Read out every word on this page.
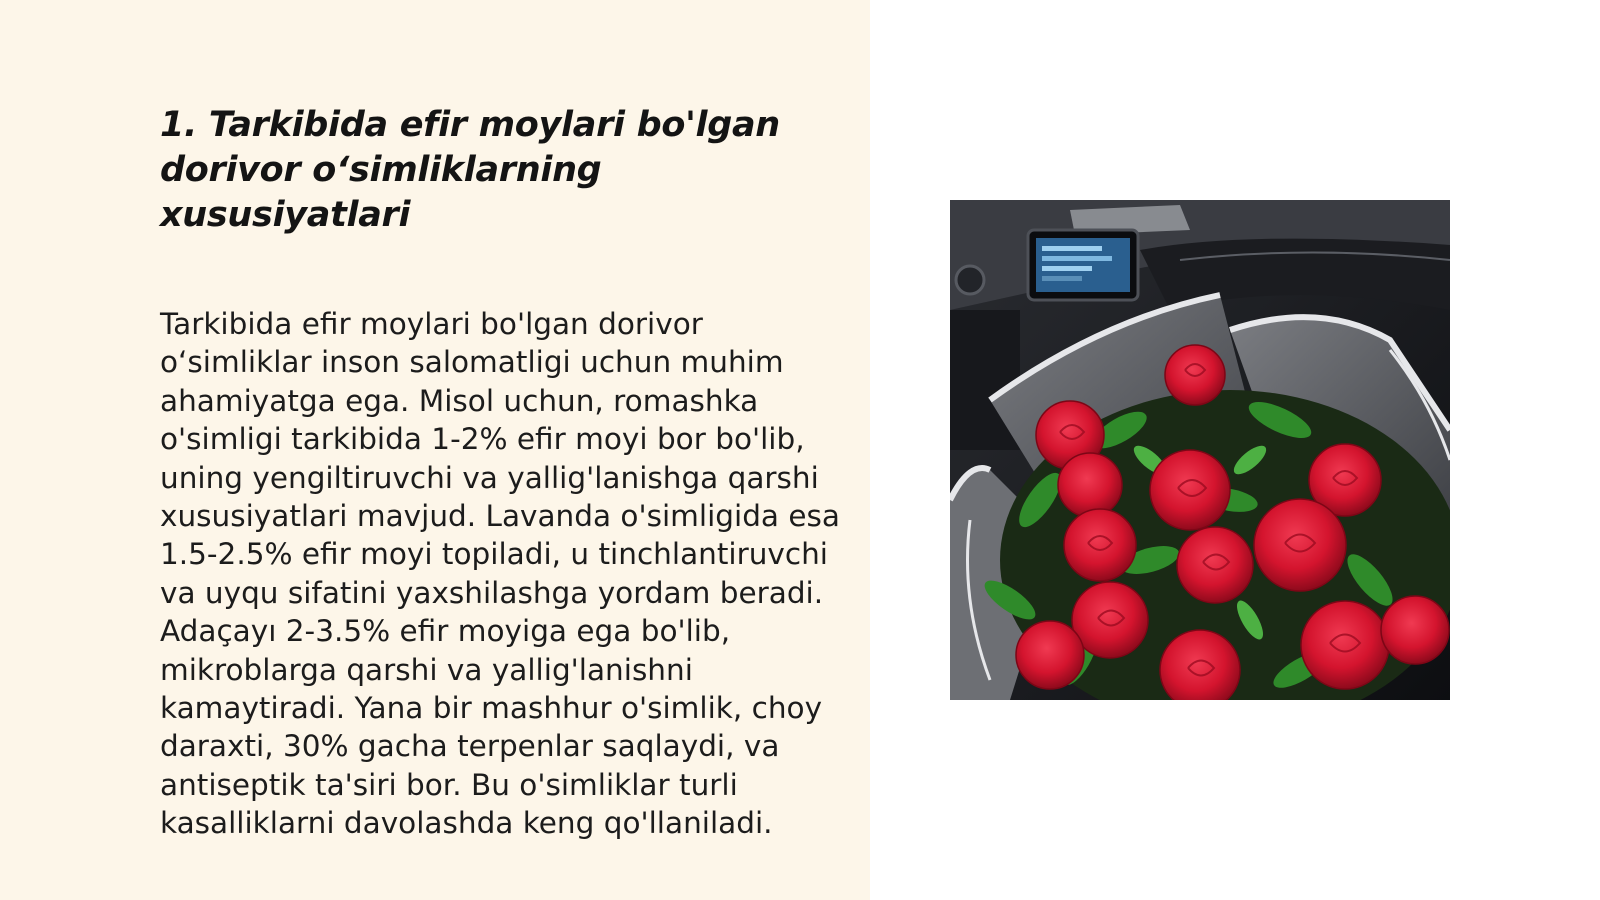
1. Tarkibida efir moylari bo'lgan
dorivor o‘simliklarning xususiyatlari

Tarkibida efir moylari bo'lgan dorivor o‘simliklar inson salomatligi uchun muhim ahamiyatga ega. Misol uchun, romashka o'simligi tarkibida 1-2% efir moyi bor bo'lib, uning yengiltiruvchi va yallig'lanishga qarshi xususiyatlari mavjud. Lavanda o'simligida esa 1.5-2.5% efir moyi topiladi, u tinchlantiruvchi va uyqu sifatini yaxshilashga yordam beradi. Adaçayı 2-3.5% efir moyiga ega bo'lib, mikroblarga qarshi va yallig'lanishni kamaytiradi. Yana bir mashhur o'simlik, choy daraxti, 30% gacha terpenlar saqlaydi, va antiseptik ta'siri bor. Bu o'simliklar turli kasalliklarni davolashda keng qo'llaniladi.
